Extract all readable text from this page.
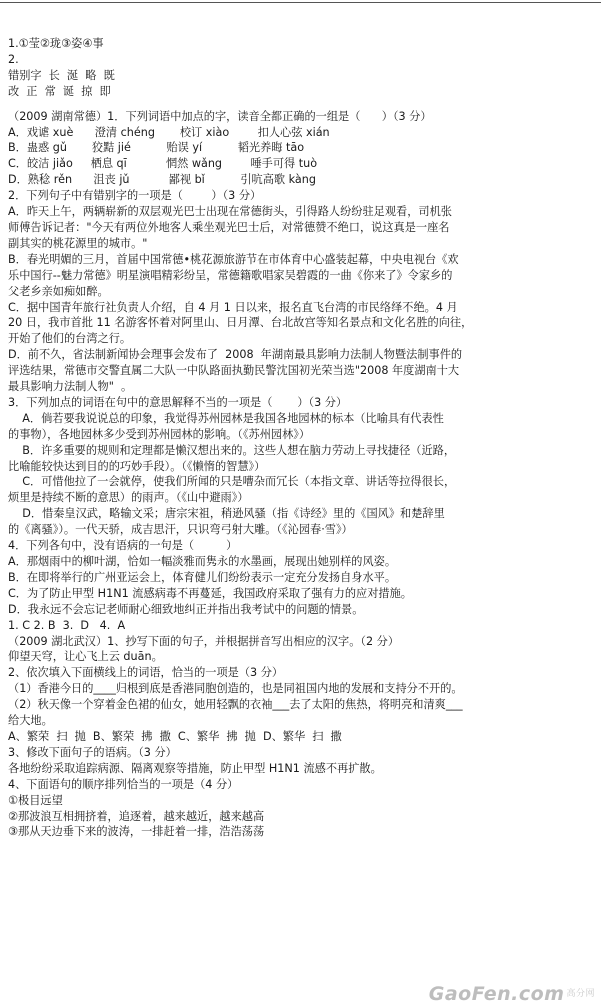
1.①莹②珑③姿④事

2.

错别字  长  涎  略  既

改  正  常  诞  掠  即

（2009 湖南常德）1．下列词语中加点的字，读音全都正确的一组是（      ）（3 分）

A．戏谑 xuè      澄清 chéng       校订 xiào        扣人心弦 xián

B．蛊惑 gǔ       狡黠 jié          贻误 yí          韬光养晦 tāo

C．皎洁 jiǎo     栖息 qī           惘然 wǎng        唾手可得 tuò

D．熟稔 rěn      沮丧 jǔ           鄙视 bǐ          引吭高歌 kàng

2．下列句子中有错别字的一项是（        ）（3 分）

A．昨天上午，两辆崭新的双层观光巴士出现在常德街头，引得路人纷纷驻足观看，司机张

师傅告诉记者："今天有两位外地客人乘坐观光巴士后，对常德赞不绝口，说这真是一座名

副其实的桃花源里的城市。"

B．春光明媚的三月，首届中国常德•桃花源旅游节在市体育中心盛装起幕，中央电视台《欢

乐中国行--魅力常德》明星演唱精彩纷呈，常德籍歌唱家吴碧霞的一曲《你来了》令家乡的

父老乡亲如痴如醉。

C．据中国青年旅行社负责人介绍，自 4 月 1 日以来，报名直飞台湾的市民络绎不绝。4 月

20 日，我市首批 11 名游客怀着对阿里山、日月潭、台北故宫等知名景点和文化名胜的向往，

开始了他们的台湾之行。

D．前不久，省法制新闻协会理事会发布了  2008  年湖南最具影响力法制人物暨法制事件的

评选结果，常德市交警直属二大队一中队路面执勤民警沈国初光荣当选"2008 年度湖南十大

最具影响力法制人物"  。

3．下列加点的词语在句中的意思解释不当的一项是（       ）（3 分）

A．倘若要我说说总的印象，我觉得苏州园林是我国各地园林的标本（比喻具有代表性

的事物），各地园林多少受到苏州园林的影响。（《苏州园林》）

B．许多重要的规则和定理都是懒汉想出来的。这些人想在脑力劳动上寻找捷径（近路，

比喻能较快达到目的的巧妙手段）。（《懒惰的智慧》）

C．可惜他拉了一会就停，使我们所闻的只是嘈杂而冗长（本指文章、讲话等拉得很长，

烦里是持续不断的意思）的雨声。（《山中避雨》）

D．惜秦皇汉武，略输文采；唐宗宋祖，稍逊风骚（指《诗经》里的《国风》和楚辞里

的《离骚》）。一代天骄，成吉思汗，只识弯弓射大雕。（《沁园春·雪》）

4．下列各句中，没有语病的一句是（         ）

A．那烟雨中的柳叶湖，恰如一幅淡雅而隽永的水墨画，展现出她别样的风姿。

B．在即将举行的广州亚运会上，体育健儿们纷纷表示一定充分发扬自身水平。

C．为了防止甲型 H1N1 流感病毒不再蔓延，我国政府采取了强有力的应对措施。

D．我永远不会忘记老师耐心细致地纠正并指出我考试中的问题的情景。

1. C 2. B  3.  D   4.  A

（2009 湖北武汉）1、抄写下面的句子，并根据拼音写出相应的汉字。（2 分）

仰望天穹，让心飞上云 duān。

2、依次填入下面横线上的词语，恰当的一项是（3 分）

（1）香港今日的____归根到底是香港同胞创造的，也是同祖国内地的发展和支持分不开的。

（2）秋天像一个穿着金色裙的仙女，她用轻飘的衣袖___去了太阳的焦热，将明亮和清爽___

给大地。

A、繁荣  扫  抛  B、繁荣  拂  撒  C、繁华  拂  抛  D、繁华  扫  撒

3、修改下面句子的语病。（3 分）

各地纷纷采取追踪病源、隔离观察等措施，防止甲型 H1N1 流感不再扩散。

4、下面语句的顺序排列恰当的一项是（4 分）

①极目远望

②那波浪互相拥挤着，追逐着，越来越近，越来越高

③那从天边垂下来的波涛，一排赶着一排，浩浩荡荡

GaoFen.com $^{高分网}$
